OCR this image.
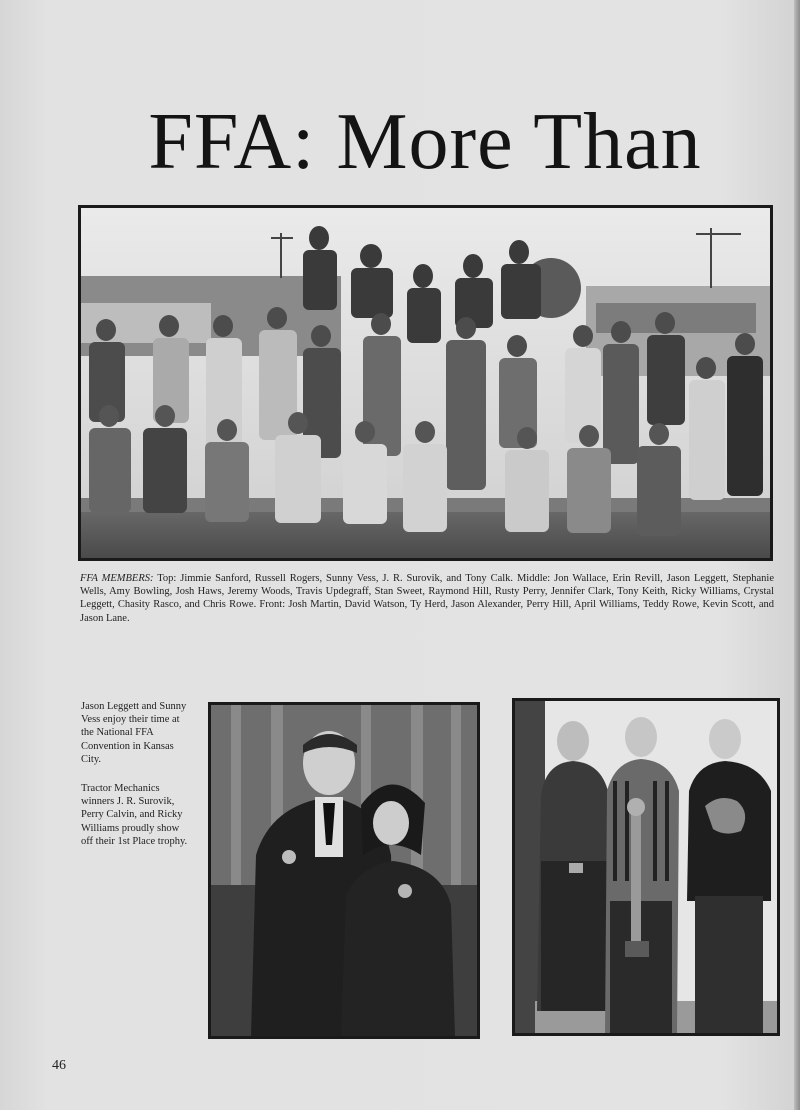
FFA: More Than
FFA MEMBERS: Top: Jimmie Sanford, Russell Rogers, Sunny Vess, J. R. Surovik, and Tony Calk. Middle: Jon Wallace, Erin Revill, Jason Leggett, Stephanie Wells, Amy Bowling, Josh Haws, Jeremy Woods, Travis Updegraff, Stan Sweet, Raymond Hill, Rusty Perry, Jennifer Clark, Tony Keith, Ricky Williams, Crystal Leggett, Chasity Rasco, and Chris Rowe. Front: Josh Martin, David Watson, Ty Herd, Jason Alexander, Perry Hill, April Williams, Teddy Rowe, Kevin Scott, and Jason Lane.
Jason Leggett and Sunny Vess enjoy their time at the National FFA Convention in Kansas City.
Tractor Mechanics winners J. R. Surovik, Perry Calvin, and Ricky Williams proudly show off their 1st Place trophy.
46
